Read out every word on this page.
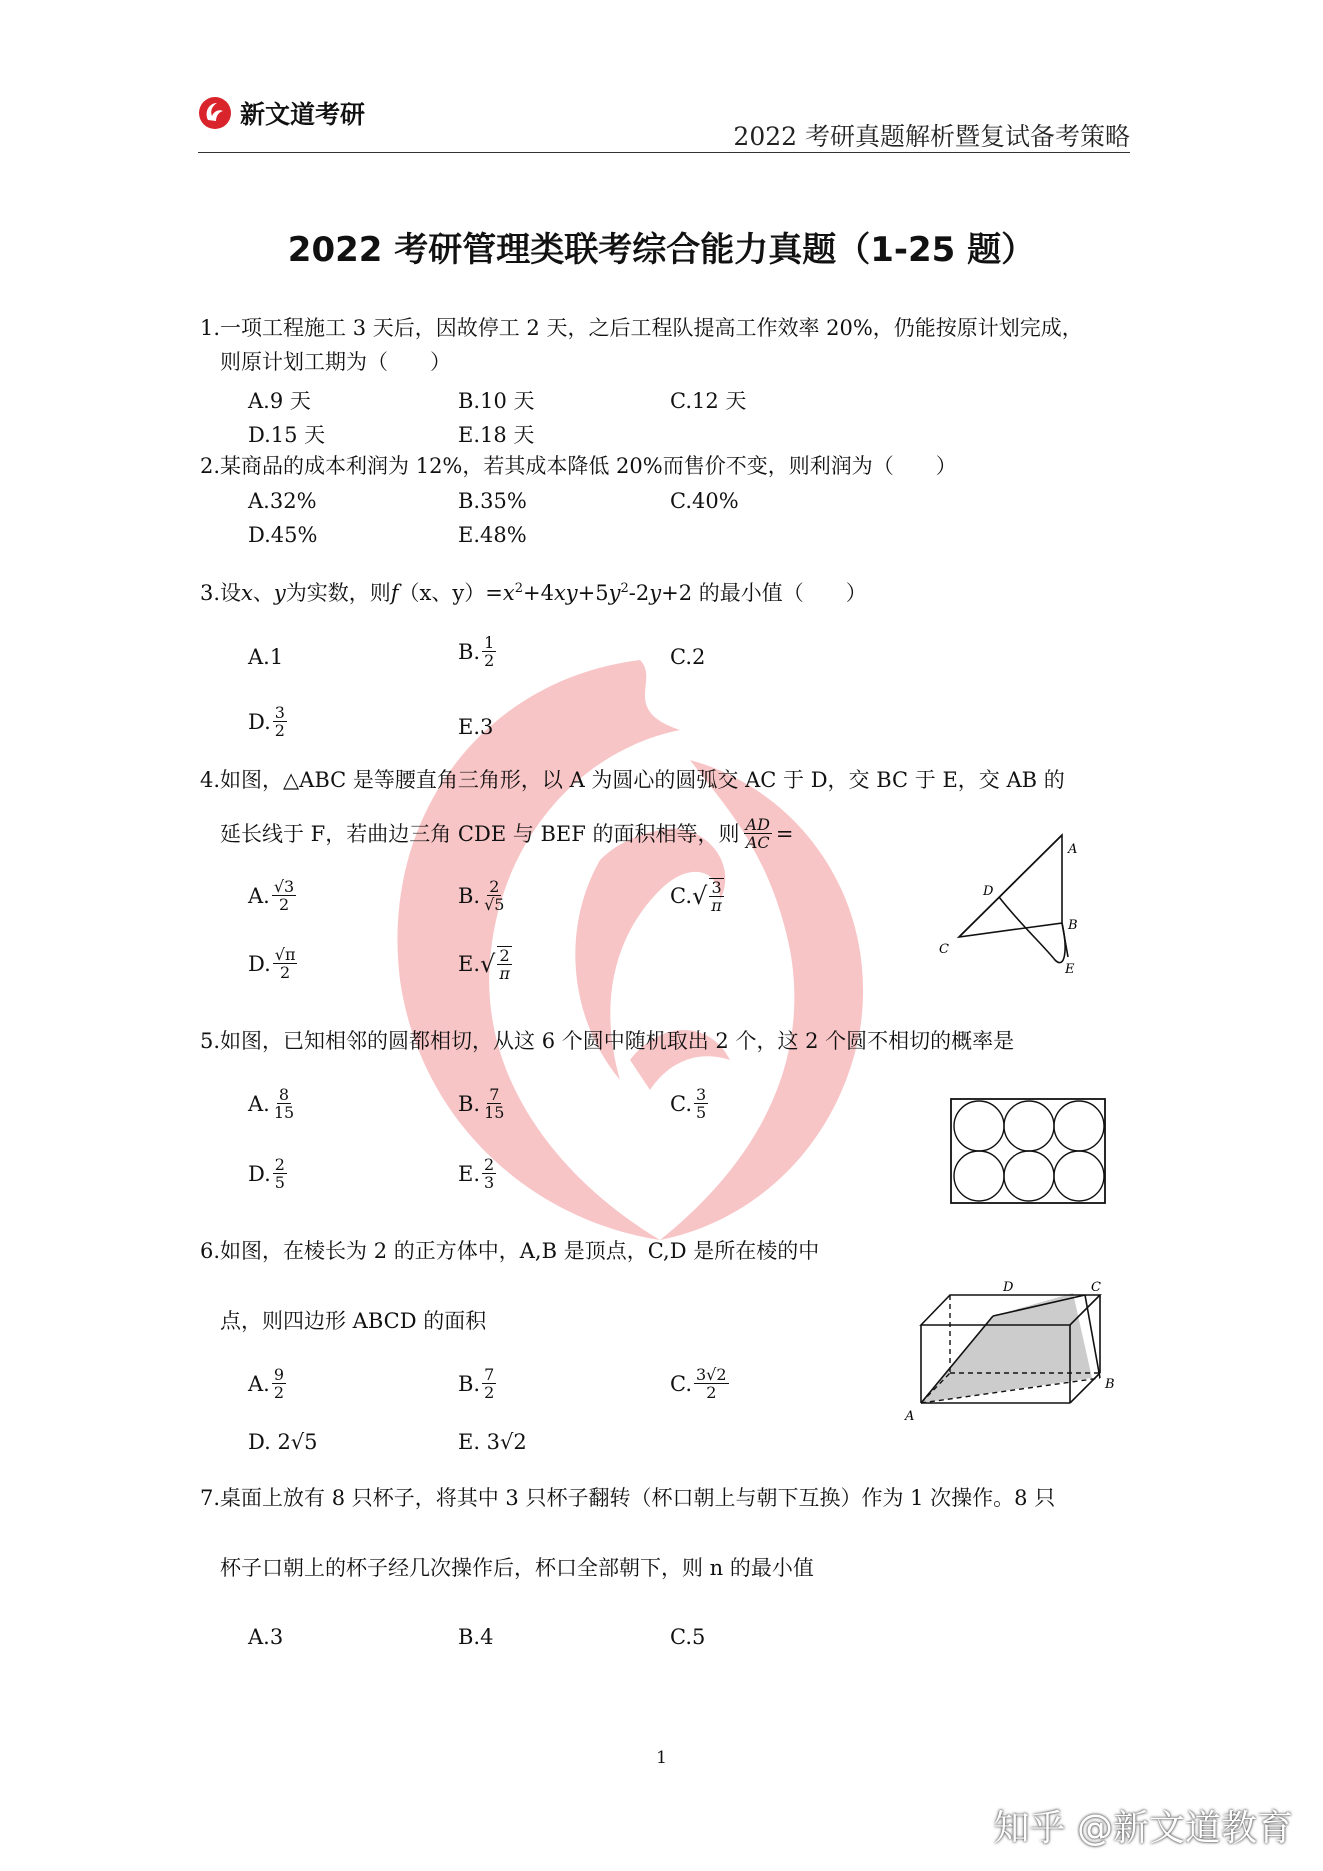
新文道考研
2022 考研真题解析暨复试备考策略
2022 考研管理类联考综合能力真题（1-25 题）
1.一项工程施工 3 天后，因故停工 2 天，之后工程队提高工作效率 20%，仍能按原计划完成，
则原计划工期为（　　）
A.9 天	B.10 天	C.12 天
D.15 天	E.18 天
2.某商品的成本利润为 12%，若其成本降低 20%而售价不变，则利润为（　　）
A.32%	B.35%	C.40%
D.45%	E.48%
3.设x、y为实数，则f（x、$y)=x^2+4xy+5y^2-2y+2$ 的最小值（　　）
A.1	B. $\frac{1}{2}$	C.2
D. $\frac{3}{2}$	E.3
4.如图，△ABC 是等腰直角三角形，以 A 为圆心的圆弧交 AC 于 D，交 BC 于 E，交 AB 的
延长线于 F，若曲边三角 CDE 与 BEF 的面积相等，则 $\frac{AD}{AC}$ =
A. $\frac{√3}{2}$	B. $\frac{2}{√5}$	C. √ $\frac{3}{\pi}$
D. $\frac{√\pi}{2}$	E. √ $\frac{2}{\pi}$
A
B
C
D
E
5.如图，已知相邻的圆都相切，从这 6 个圆中随机取出 2 个，这 2 个圆不相切的概率是
A. $\frac{8}{15}$	B. $\frac{7}{15}$	C. $\frac{3}{5}$
D. $\frac{2}{5}$	E. $\frac{2}{3}$
6.如图，在棱长为 2 的正方体中，A,B 是顶点，C,D 是所在棱的中
点，则四边形 ABCD 的面积
A. $\frac{9}{2}$	B. $\frac{7}{2}$	C. $\frac{3√2}{2}$
D. 2√5	E. 3√2
A
B
C
D
7.桌面上放有 8 只杯子，将其中 3 只杯子翻转（杯口朝上与朝下互换）作为 1 次操作。8 只
杯子口朝上的杯子经几次操作后，杯口全部朝下，则 n 的最小值
A.3	B.4	C.5
1
知乎 @新文道教育
